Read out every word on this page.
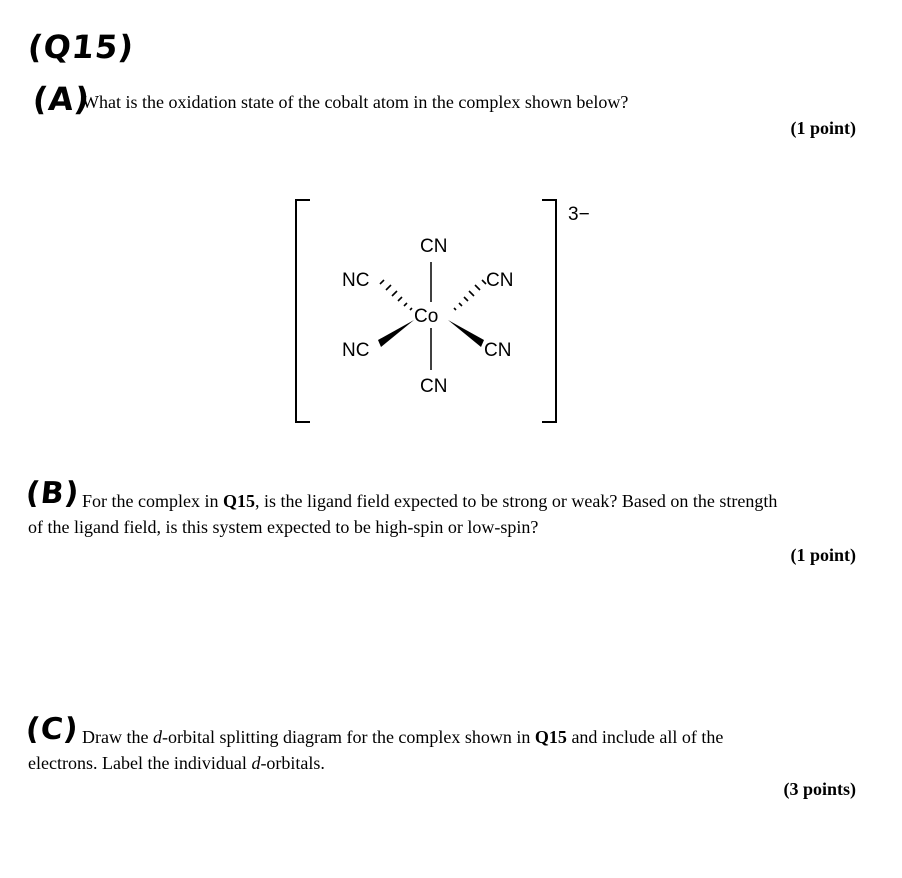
(Q15)
(A)
What is the oxidation state of the cobalt atom in the complex shown below?
(1 point)
3−
Co
CN
CN
NC	CN
NC	CN
(B) For the complex in Q15, is the ligand field expected to be strong or weak? Based on the strength
of the ligand field, is this system expected to be high-spin or low-spin?
(1 point)
(C) Draw the d-orbital splitting diagram for the complex shown in Q15 and include all of the
electrons. Label the individual d-orbitals.
(3 points)
